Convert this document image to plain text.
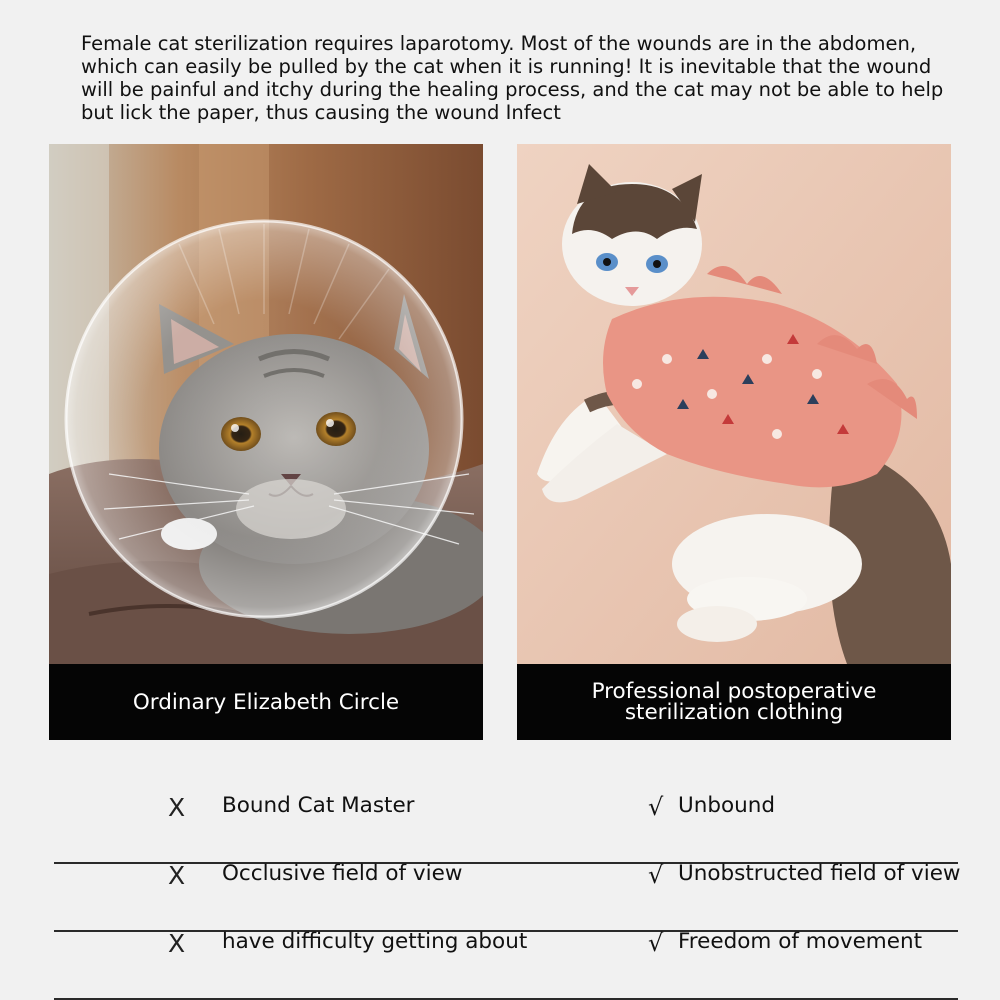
Female cat sterilization requires laparotomy. Most of the wounds are in the abdomen, which can easily be pulled by the cat when it is running! It is inevitable that the wound will be painful and itchy during the healing process, and the cat may not be able to help but lick the paper, thus causing the wound Infect

Ordinary Elizabeth Circle	Professional postoperative sterilization clothing
X Bound Cat Master	√ Unbound
X Occlusive field of view	√ Unobstructed field of view
X have difficulty getting about	√ Freedom of movement
